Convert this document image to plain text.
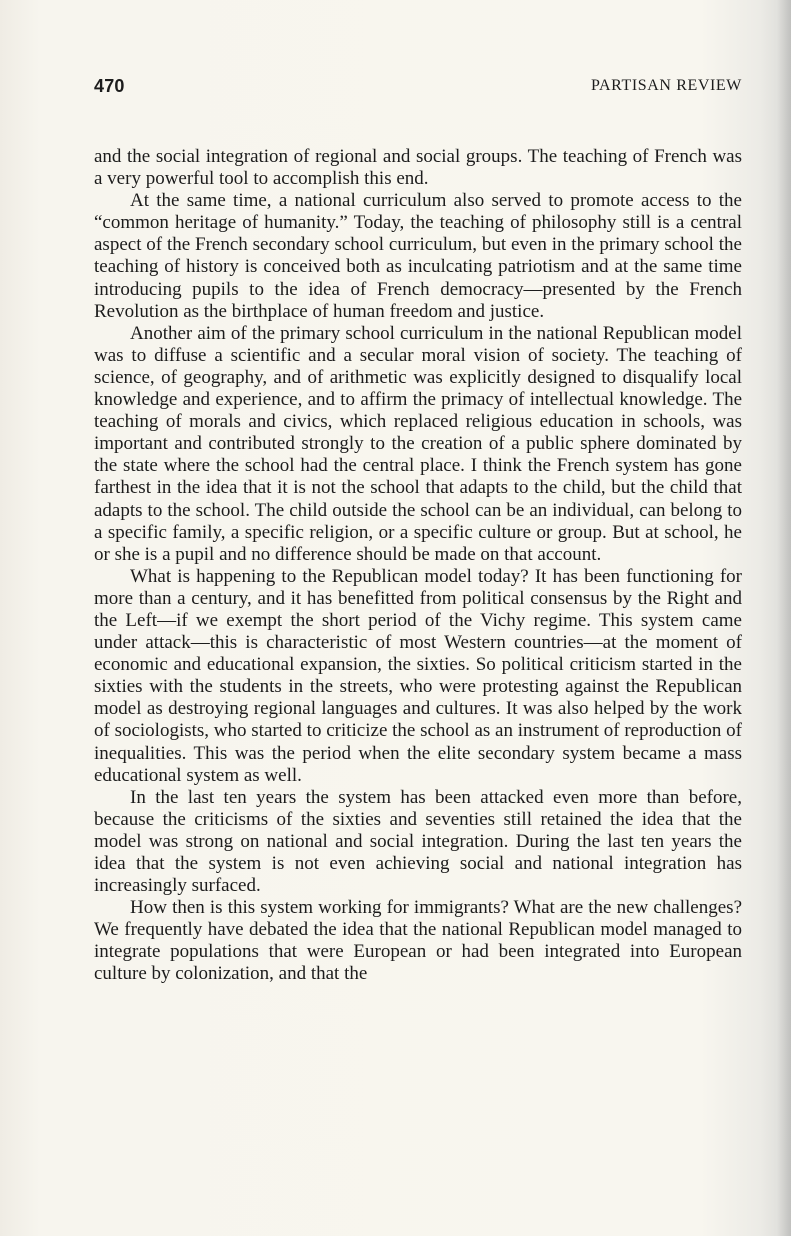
470	PARTISAN REVIEW

and the social integration of regional and social groups. The teaching of French was a very powerful tool to accomplish this end.

At the same time, a national curriculum also served to promote access to the “common heritage of humanity.” Today, the teaching of philosophy still is a central aspect of the French secondary school curriculum, but even in the primary school the teaching of history is conceived both as inculcating patriotism and at the same time introducing pupils to the idea of French democracy—presented by the French Revolution as the birthplace of human freedom and justice.

Another aim of the primary school curriculum in the national Republican model was to diffuse a scientific and a secular moral vision of society. The teaching of science, of geography, and of arithmetic was explicitly designed to disqualify local knowledge and experience, and to affirm the primacy of intellectual knowledge. The teaching of morals and civics, which replaced religious education in schools, was important and contributed strongly to the creation of a public sphere dominated by the state where the school had the central place. I think the French system has gone farthest in the idea that it is not the school that adapts to the child, but the child that adapts to the school. The child outside the school can be an individual, can belong to a specific family, a specific religion, or a specific culture or group. But at school, he or she is a pupil and no difference should be made on that account.

What is happening to the Republican model today? It has been functioning for more than a century, and it has benefitted from political consensus by the Right and the Left—if we exempt the short period of the Vichy regime. This system came under attack—this is characteristic of most Western countries—at the moment of economic and educational expansion, the sixties. So political criticism started in the sixties with the students in the streets, who were protesting against the Republican model as destroying regional languages and cultures. It was also helped by the work of sociologists, who started to criticize the school as an instrument of reproduction of inequalities. This was the period when the elite secondary system became a mass educational system as well.

In the last ten years the system has been attacked even more than before, because the criticisms of the sixties and seventies still retained the idea that the model was strong on national and social integration. During the last ten years the idea that the system is not even achieving social and national integration has increasingly surfaced.

How then is this system working for immigrants? What are the new challenges? We frequently have debated the idea that the national Republican model managed to integrate populations that were European or had been integrated into European culture by colonization, and that the
